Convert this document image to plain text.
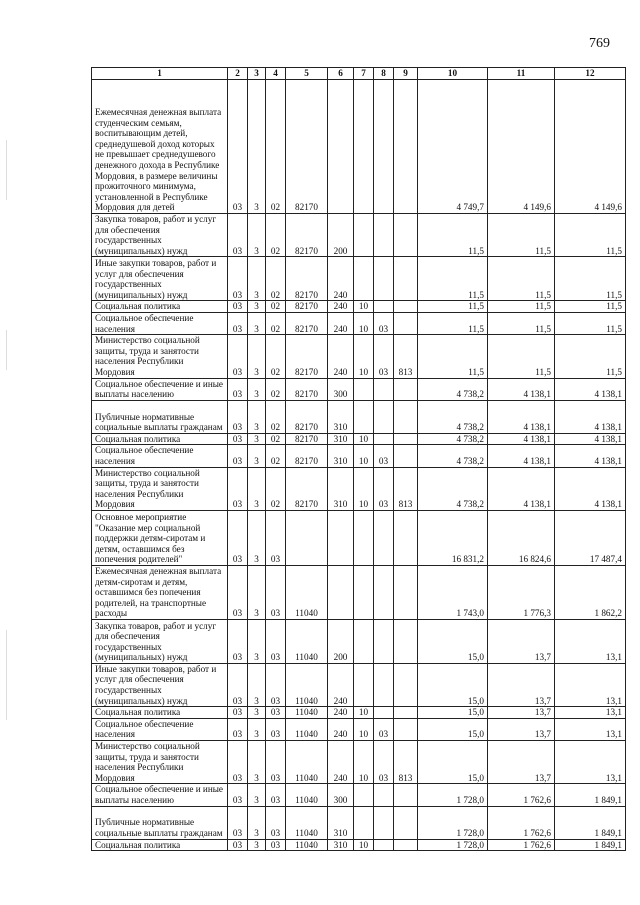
769
1	2	3	4	5	6	7	8	9	10	11	12
Ежемесячная денежная выплата студенческим семьям, воспитывающим детей, среднедушевой доход которых не превышает среднедушевого денежного дохода в Республике Мордовия, в размере величины прожиточного минимума, установленной в Республике Мордовия для детей	03	3	02	82170					4 749,7	4 149,6	4 149,6
Закупка товаров, работ и услуг для обеспечения государственных (муниципальных) нужд	03	3	02	82170	200				11,5	11,5	11,5
Иные закупки товаров, работ и услуг для обеспечения государственных (муниципальных) нужд	03	3	02	82170	240				11,5	11,5	11,5
Социальная политика	03	3	02	82170	240	10			11,5	11,5	11,5
Социальное обеспечение населения	03	3	02	82170	240	10	03		11,5	11,5	11,5
Министерство социальной защиты, труда и занятости населения Республики Мордовия	03	3	02	82170	240	10	03	813	11,5	11,5	11,5
Социальное обеспечение и иные выплаты населению	03	3	02	82170	300				4 738,2	4 138,1	4 138,1
Публичные нормативные социальные выплаты гражданам	03	3	02	82170	310				4 738,2	4 138,1	4 138,1
Социальная политика	03	3	02	82170	310	10			4 738,2	4 138,1	4 138,1
Социальное обеспечение населения	03	3	02	82170	310	10	03		4 738,2	4 138,1	4 138,1
Министерство социальной защиты, труда и занятости населения Республики Мордовия	03	3	02	82170	310	10	03	813	4 738,2	4 138,1	4 138,1
Основное мероприятие "Оказание мер социальной поддержки детям-сиротам и детям, оставшимся без попечения родителей"	03	3	03						16 831,2	16 824,6	17 487,4
Ежемесячная денежная выплата детям-сиротам и детям, оставшимся без попечения родителей, на транспортные расходы	03	3	03	11040					1 743,0	1 776,3	1 862,2
Закупка товаров, работ и услуг для обеспечения государственных (муниципальных) нужд	03	3	03	11040	200				15,0	13,7	13,1
Иные закупки товаров, работ и услуг для обеспечения государственных (муниципальных) нужд	03	3	03	11040	240				15,0	13,7	13,1
Социальная политика	03	3	03	11040	240	10			15,0	13,7	13,1
Социальное обеспечение населения	03	3	03	11040	240	10	03		15,0	13,7	13,1
Министерство социальной защиты, труда и занятости населения Республики Мордовия	03	3	03	11040	240	10	03	813	15,0	13,7	13,1
Социальное обеспечение и иные выплаты населению	03	3	03	11040	300				1 728,0	1 762,6	1 849,1
Публичные нормативные социальные выплаты гражданам	03	3	03	11040	310				1 728,0	1 762,6	1 849,1
Социальная политика	03	3	03	11040	310	10			1 728,0	1 762,6	1 849,1
